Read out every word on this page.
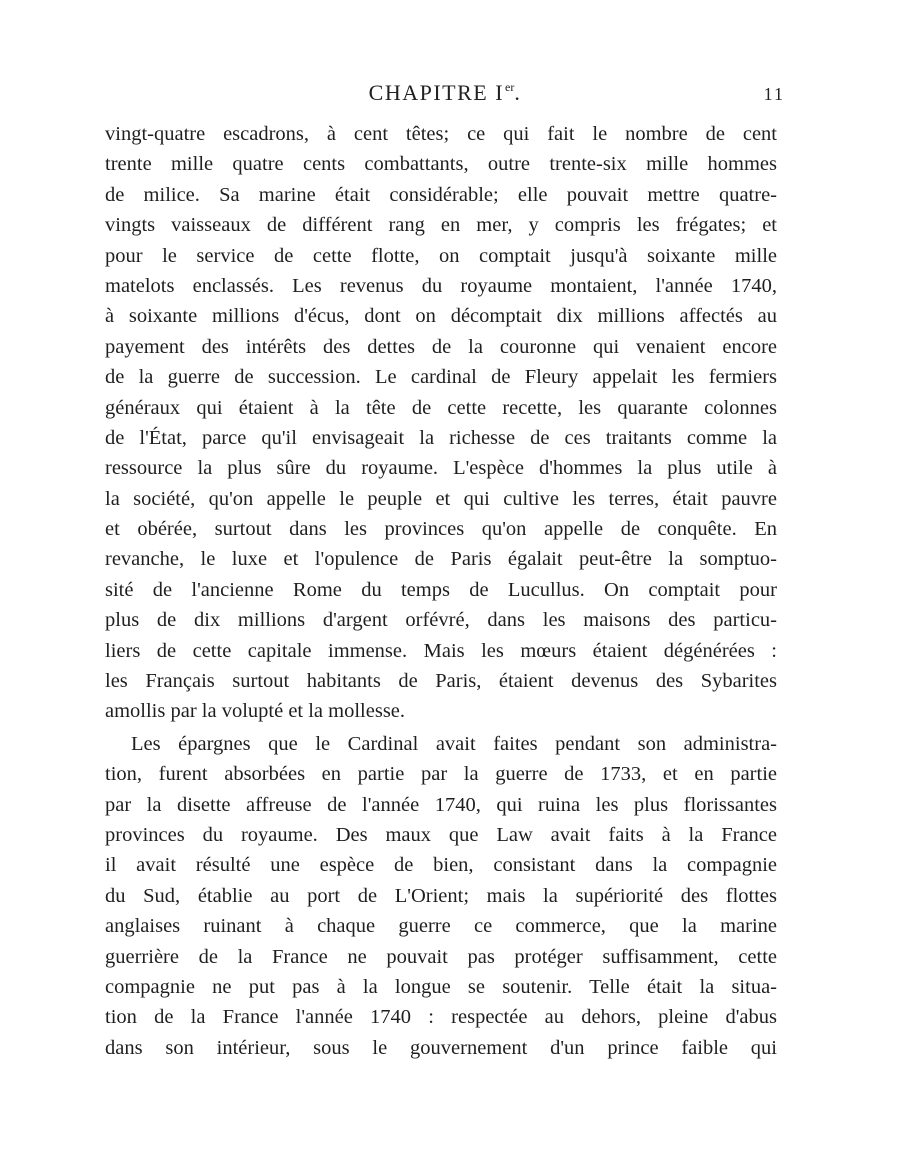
CHAPITRE Ier.	11
vingt-quatre escadrons, à cent têtes; ce qui fait le nombre de cent
trente mille quatre cents combattants, outre trente-six mille hommes
de milice. Sa marine était considérable; elle pouvait mettre quatre-
vingts vaisseaux de différent rang en mer, y compris les frégates; et
pour le service de cette flotte, on comptait jusqu'à soixante mille
matelots enclassés. Les revenus du royaume montaient, l'année 1740,
à soixante millions d'écus, dont on décomptait dix millions affectés au
payement des intérêts des dettes de la couronne qui venaient encore
de la guerre de succession. Le cardinal de Fleury appelait les fermiers
généraux qui étaient à la tête de cette recette, les quarante colonnes
de l'État, parce qu'il envisageait la richesse de ces traitants comme la
ressource la plus sûre du royaume. L'espèce d'hommes la plus utile à
la société, qu'on appelle le peuple et qui cultive les terres, était pauvre
et obérée, surtout dans les provinces qu'on appelle de conquête. En
revanche, le luxe et l'opulence de Paris égalait peut-être la somptuo-
sité de l'ancienne Rome du temps de Lucullus. On comptait pour
plus de dix millions d'argent orfévré, dans les maisons des particu-
liers de cette capitale immense. Mais les mœurs étaient dégénérées :
les Français surtout habitants de Paris, étaient devenus des Sybarites
amollis par la volupté et la mollesse.
Les épargnes que le Cardinal avait faites pendant son administra-
tion, furent absorbées en partie par la guerre de 1733, et en partie
par la disette affreuse de l'année 1740, qui ruina les plus florissantes
provinces du royaume. Des maux que Law avait faits à la France
il avait résulté une espèce de bien, consistant dans la compagnie
du Sud, établie au port de L'Orient; mais la supériorité des flottes
anglaises ruinant à chaque guerre ce commerce, que la marine
guerrière de la France ne pouvait pas protéger suffisamment, cette
compagnie ne put pas à la longue se soutenir. Telle était la situa-
tion de la France l'année 1740 : respectée au dehors, pleine d'abus
dans son intérieur, sous le gouvernement d'un prince faible qui
